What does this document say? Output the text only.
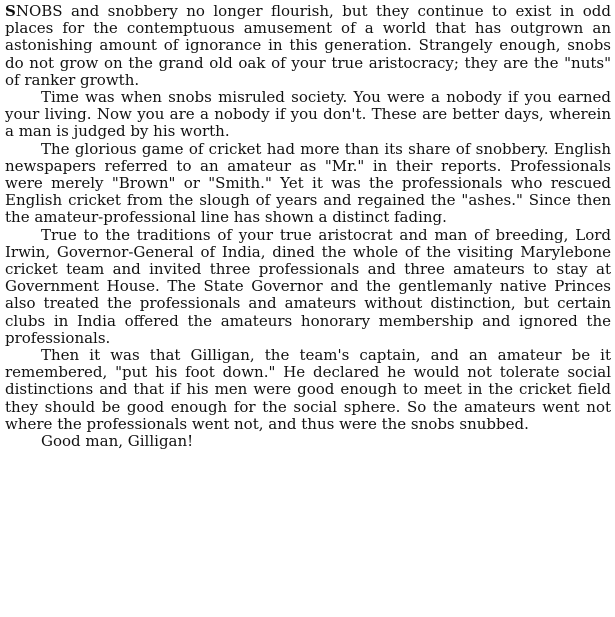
SNOBS and snobbery no longer flourish, but they continue to exist in odd places for the contemptuous amusement of a world that has outgrown an astonishing amount of ignorance in this generation. Strangely enough, snobs do not grow on the grand old oak of your true aristocracy; they are the "nuts" of ranker growth.

Time was when snobs misruled society. You were a nobody if you earned your living. Now you are a nobody if you don't. These are better days, wherein a man is judged by his worth.

The glorious game of cricket had more than its share of snobbery. English newspapers referred to an amateur as "Mr." in their reports. Professionals were merely "Brown" or "Smith." Yet it was the professionals who rescued English cricket from the slough of years and regained the "ashes." Since then the amateur-professional line has shown a distinct fading.

True to the traditions of your true aristocrat and man of breeding, Lord Irwin, Governor-General of India, dined the whole of the visiting Marylebone cricket team and invited three professionals and three amateurs to stay at Government House. The State Governor and the gentlemanly native Princes also treated the professionals and amateurs without distinction, but certain clubs in India offered the amateurs honorary membership and ignored the professionals.

Then it was that Gilligan, the team's captain, and an amateur be it remembered, "put his foot down." He declared he would not tolerate social distinctions and that if his men were good enough to meet in the cricket field they should be good enough for the social sphere. So the amateurs went not where the professionals went not, and thus were the snobs snubbed.

Good man, Gilligan!
